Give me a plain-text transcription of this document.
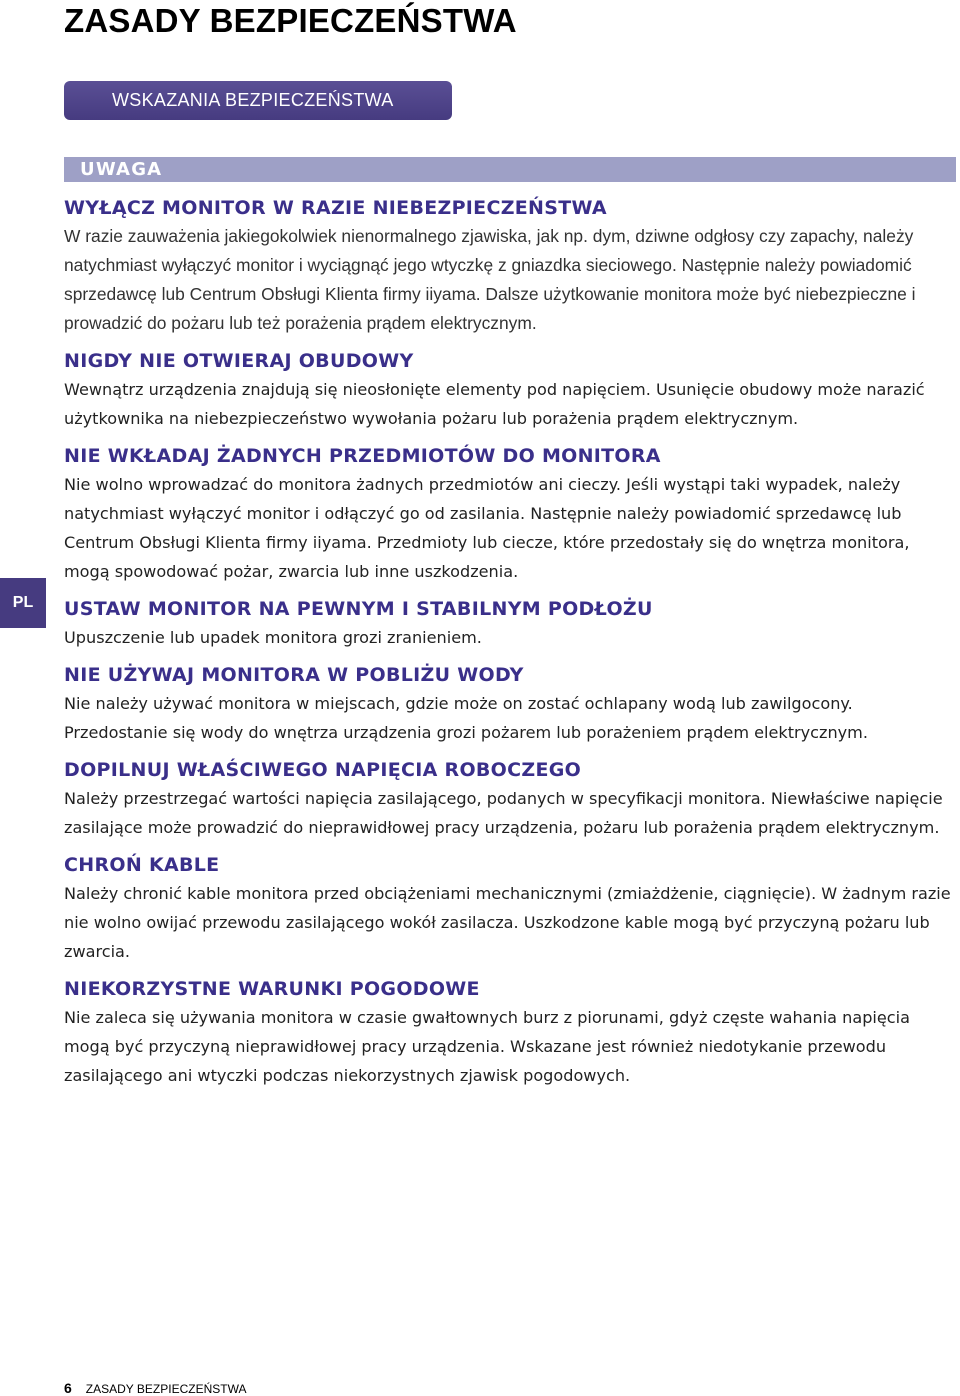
ZASADY BEZPIECZEŃSTWA
WSKAZANIA BEZPIECZEŃSTWA
UWAGA
WYŁĄCZ MONITOR W RAZIE NIEBEZPIECZEŃSTWA

W razie zauważenia jakiegokolwiek nienormalnego zjawiska, jak np. dym, dziwne odgłosy czy zapachy, należy natychmiast wyłączyć monitor i wyciągnąć jego wtyczkę z gniazdka sieciowego. Następnie należy powiadomić sprzedawcę lub Centrum Obsługi Klienta firmy iiyama. Dalsze użytkowanie monitora może być niebezpieczne i prowadzić do pożaru lub też porażenia prądem elektrycznym.

NIGDY NIE OTWIERAJ OBUDOWY

Wewnątrz urządzenia znajdują się nieosłonięte elementy pod napięciem. Usunięcie obudowy może narazić użytkownika na niebezpieczeństwo wywołania pożaru lub porażenia prądem elektrycznym.

NIE WKŁADAJ ŻADNYCH PRZEDMIOTÓW DO MONITORA

Nie wolno wprowadzać do monitora żadnych przedmiotów ani cieczy. Jeśli wystąpi taki wypadek, należy natychmiast wyłączyć monitor i odłączyć go od zasilania. Następnie należy powiadomić sprzedawcę lub Centrum Obsługi Klienta firmy iiyama. Przedmioty lub ciecze, które przedostały się do wnętrza monitora, mogą spowodować pożar, zwarcia lub inne uszkodzenia.

USTAW MONITOR NA PEWNYM I STABILNYM PODŁOŻU

Upuszczenie lub upadek monitora grozi zranieniem.

NIE UŻYWAJ MONITORA W POBLIŻU WODY

Nie należy używać monitora w miejscach, gdzie może on zostać ochlapany wodą lub zawilgocony. Przedostanie się wody do wnętrza urządzenia grozi pożarem lub porażeniem prądem elektrycznym.

DOPILNUJ WŁAŚCIWEGO NAPIĘCIA ROBOCZEGO

Należy przestrzegać wartości napięcia zasilającego, podanych w specyfikacji monitora. Niewłaściwe napięcie zasilające może prowadzić do nieprawidłowej pracy urządzenia, pożaru lub porażenia prądem elektrycznym.

CHROŃ KABLE

Należy chronić kable monitora przed obciążeniami mechanicznymi (zmiażdżenie, ciągnięcie). W żadnym razie nie wolno owijać przewodu zasilającego wokół zasilacza. Uszkodzone kable mogą być przyczyną pożaru lub zwarcia.

NIEKORZYSTNE WARUNKI POGODOWE

Nie zaleca się używania monitora w czasie gwałtownych burz z piorunami, gdyż częste wahania napięcia mogą być przyczyną nieprawidłowej pracy urządzenia. Wskazane jest również niedotykanie przewodu zasilającego ani wtyczki podczas niekorzystnych zjawisk pogodowych.

PL
6 ZASADY BEZPIECZEŃSTWA
